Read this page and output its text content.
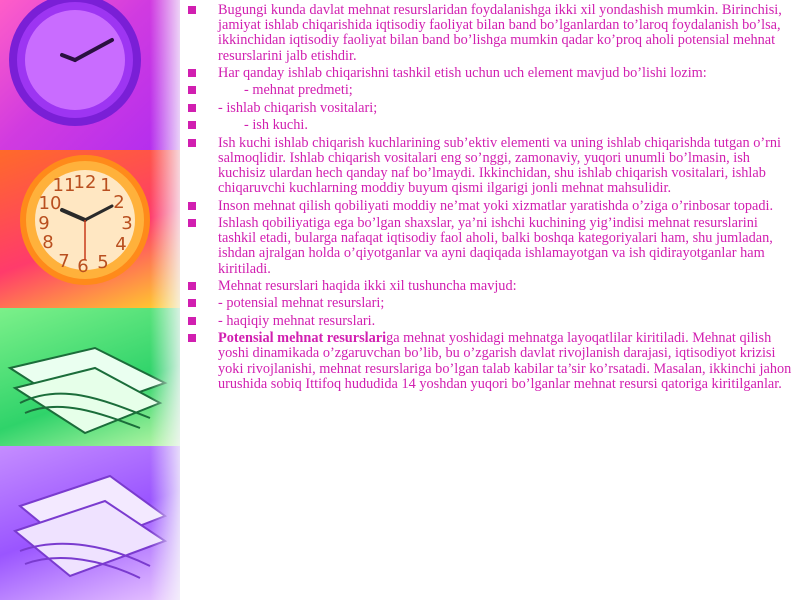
12
2
3
4
5
6
7
8
9
10
11 1
Bugungi kunda davlat mehnat resurslaridan foydalanishga ikki xil yondashish mumkin. Birinchisi, jamiyat ishlab chiqarishida iqtisodiy faoliyat bilan band bo’lganlardan to’laroq foydalanish bo’lsa, ikkinchidan iqtisodiy faoliyat bilan band bo’lishga mumkin qadar ko’proq aholi potensial mehnat resurslarini jalb etishdir.
Har qanday ishlab chiqarishni tashkil etish uchun uch element mavjud bo’lishi lozim:
- mehnat predmeti;
- ishlab chiqarish vositalari;
- ish kuchi.
Ish kuchi ishlab chiqarish kuchlarining sub’ektiv elementi va uning ishlab chiqarishda tutgan o’rni salmoqlidir. Ishlab chiqarish vositalari eng so’nggi, zamonaviy, yuqori unumli bo’lmasin, ish kuchisiz ulardan hech qanday naf bo’lmaydi. Ikkinchidan, shu ishlab chiqarish vositalari, ishlab chiqaruvchi kuchlarning moddiy buyum qismi ilgarigi jonli mehnat mahsulidir.
Inson mehnat qilish qobiliyati moddiy ne’mat yoki xizmatlar yaratishda o’ziga o’rinbosar topadi.
Ishlash qobiliyatiga ega bo’lgan shaxslar, ya’ni ishchi kuchining yig’indisi mehnat resurslarini tashkil etadi, bularga nafaqat iqtisodiy faol aholi, balki boshqa kategoriyalari ham, shu jumladan, ishdan ajralgan holda o’qiyotganlar va ayni daqiqada ishlamayotgan va ish qidirayotganlar ham kiritiladi.
Mehnat resurslari haqida ikki xil tushuncha mavjud:
- potensial mehnat resurslari;
- haqiqiy mehnat resurslari.
Potensial mehnat resurslariga mehnat yoshidagi mehnatga layoqatlilar kiritiladi. Mehnat qilish yoshi dinamikada o’zgaruvchan bo’lib, bu o’zgarish davlat rivojlanish darajasi, iqtisodiyot krizisi yoki rivojlanishi, mehnat resurslariga bo’lgan talab kabilar ta’sir ko’rsatadi. Masalan, ikkinchi jahon urushida sobiq Ittifoq hududida 14 yoshdan yuqori bo’lganlar mehnat resursi qatoriga kiritilganlar.
